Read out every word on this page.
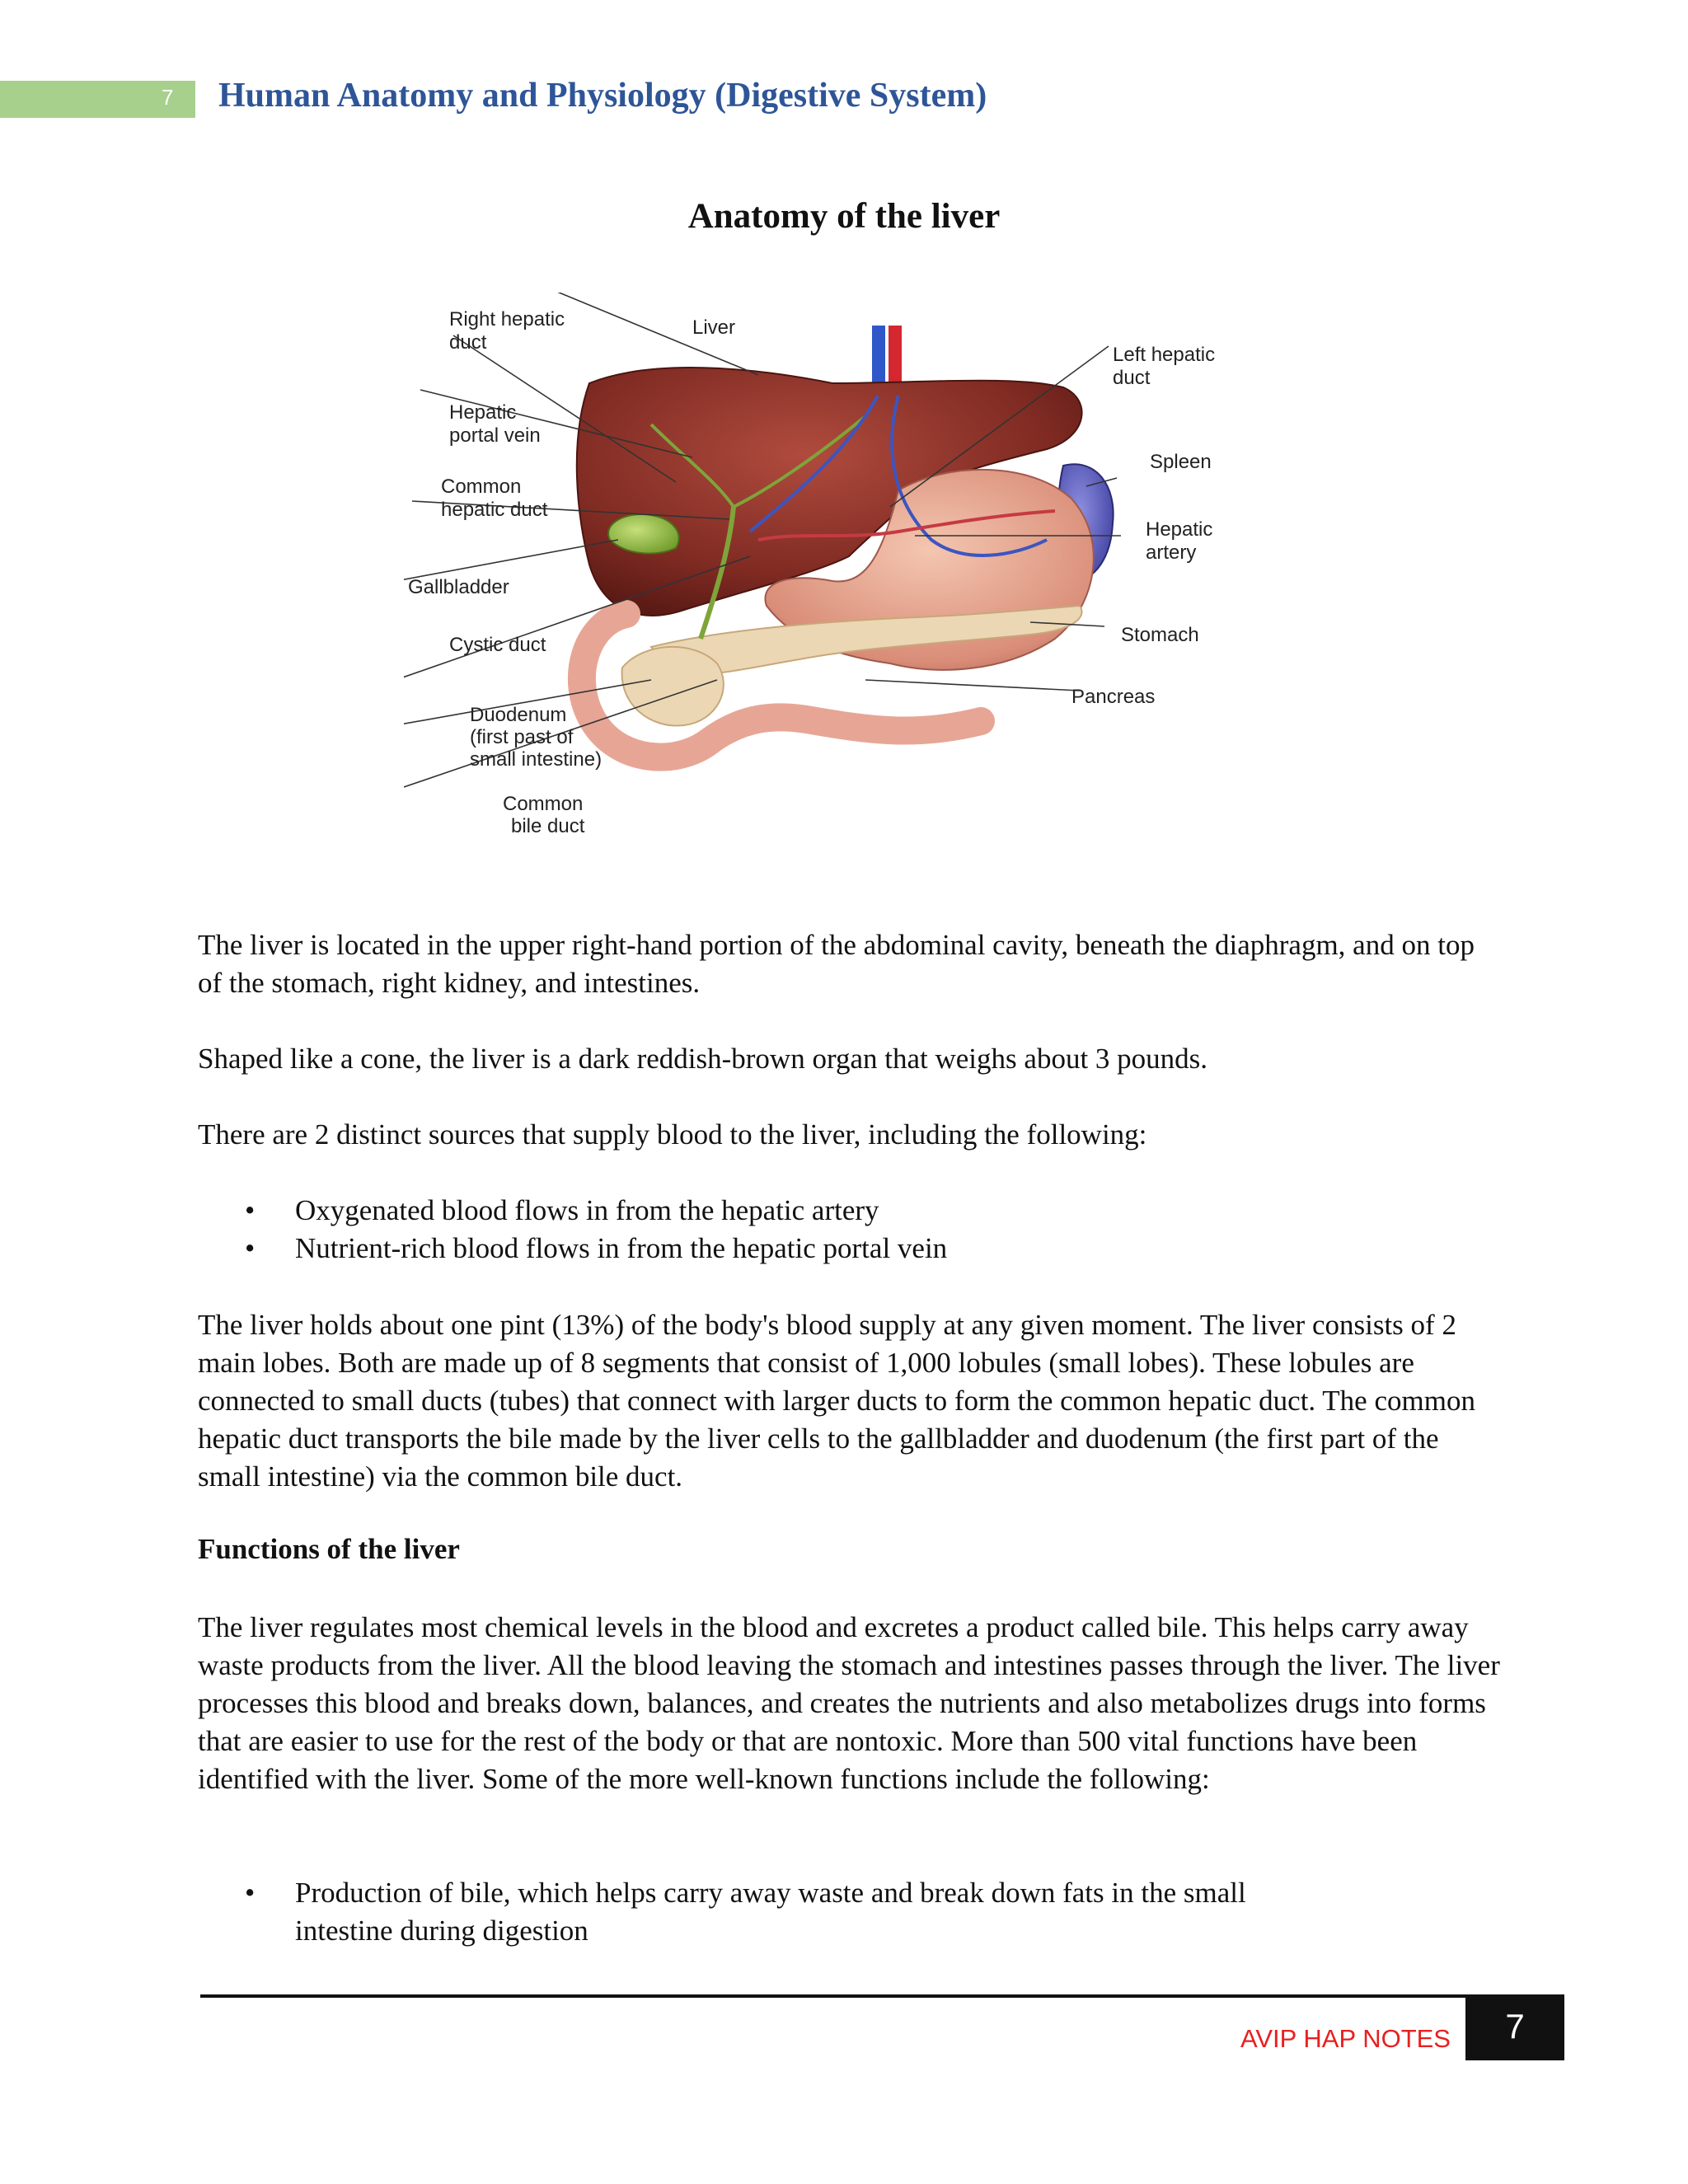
7 Human Anatomy and Physiology (Digestive System)
Anatomy of the liver
Liver
Right hepatic
duct
Hepatic
portal vein
Common
hepatic duct
Gallbladder
Cystic duct
Duodenum
(first past of
small intestine)
Common
bile duct
Left hepatic
duct
Spleen
Hepatic
artery
Stomach
Pancreas

The liver is located in the upper right-hand portion of the abdominal cavity, beneath the diaphragm, and on top of the stomach, right kidney, and intestines.

Shaped like a cone, the liver is a dark reddish-brown organ that weighs about 3 pounds.

There are 2 distinct sources that supply blood to the liver, including the following:

• Oxygenated blood flows in from the hepatic artery
• Nutrient-rich blood flows in from the hepatic portal vein

The liver holds about one pint (13%) of the body's blood supply at any given moment. The liver consists of 2 main lobes. Both are made up of 8 segments that consist of 1,000 lobules (small lobes). These lobules are connected to small ducts (tubes) that connect with larger ducts to form the common hepatic duct. The common hepatic duct transports the bile made by the liver cells to the gallbladder and duodenum (the first part of the small intestine) via the common bile duct.

Functions of the liver

The liver regulates most chemical levels in the blood and excretes a product called bile. This helps carry away waste products from the liver. All the blood leaving the stomach and intestines passes through the liver. The liver processes this blood and breaks down, balances, and creates the nutrients and also metabolizes drugs into forms that are easier to use for the rest of the body or that are nontoxic. More than 500 vital functions have been identified with the liver. Some of the more well-known functions include the following:

• Production of bile, which helps carry away waste and break down fats in the small intestine during digestion
AVIP HAP NOTES	7
